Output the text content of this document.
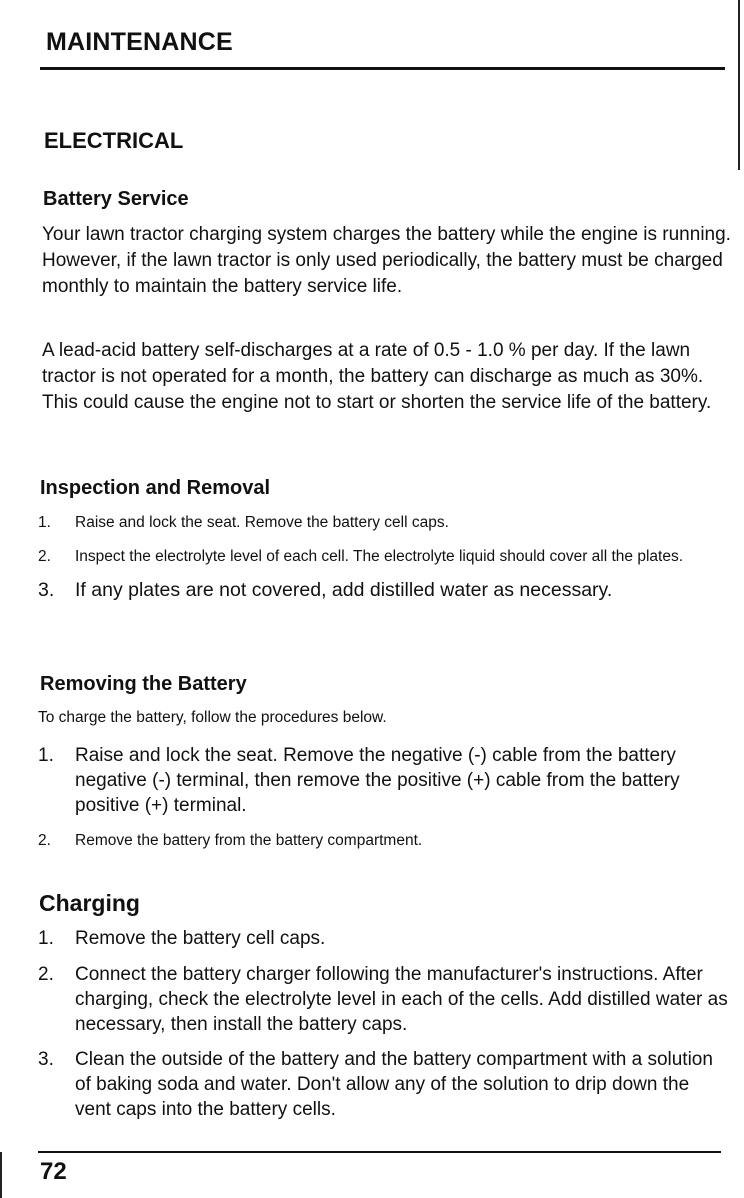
MAINTENANCE
ELECTRICAL
Battery Service

Your lawn tractor charging system charges the battery while the engine is running. However, if the lawn tractor is only used periodically, the battery must be charged monthly to maintain the battery service life.

A lead-acid battery self-discharges at a rate of 0.5 - 1.0 % per day. If the lawn tractor is not operated for a month, the battery can discharge as much as 30%. This could cause the engine not to start or shorten the service life of the battery.

Inspection and Removal
1. Raise and lock the seat. Remove the battery cell caps.
2. Inspect the electrolyte level of each cell. The electrolyte liquid should cover all the plates.
3. If any plates are not covered, add distilled water as necessary.
Removing the Battery

To charge the battery, follow the procedures below.

1. Raise and lock the seat. Remove the negative (-) cable from the battery negative (-) terminal, then remove the positive (+) cable from the battery positive (+) terminal.
2. Remove the battery from the battery compartment.
Charging
1. Remove the battery cell caps.
2. Connect the battery charger following the manufacturer's instructions. After charging, check the electrolyte level in each of the cells. Add distilled water as necessary, then install the battery caps.
3. Clean the outside of the battery and the battery compartment with a solution of baking soda and water. Don't allow any of the solution to drip down the vent caps into the battery cells.
72
